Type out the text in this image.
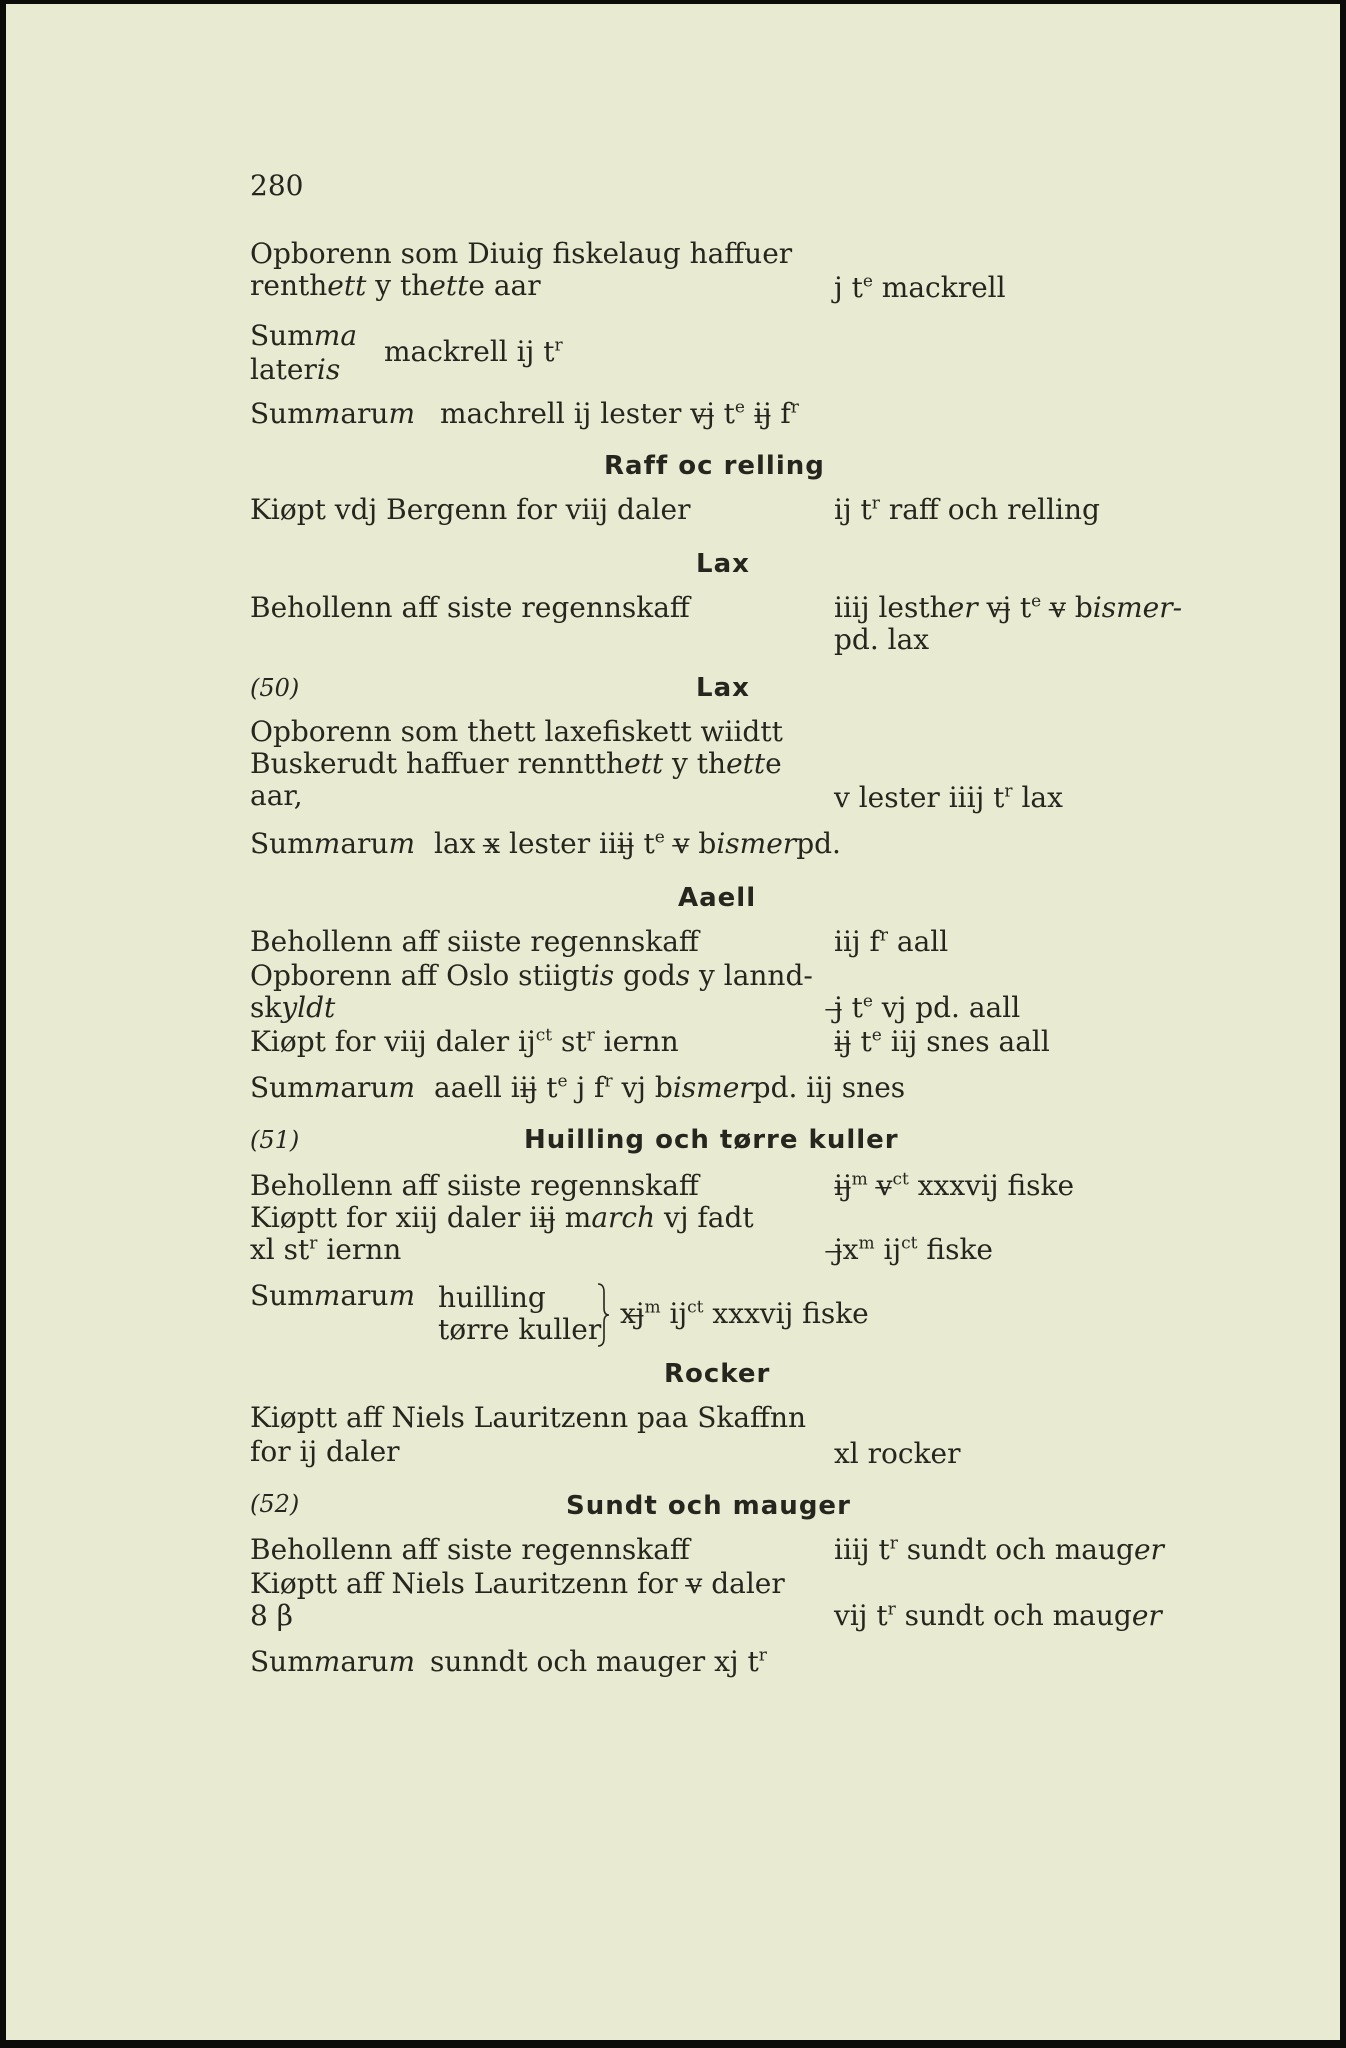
280
Opborenn som Diuig fiskelaug haffuer
renthett y thette aar	j $t^e$ mackrell
Summa
lateris
mackrell ij $t^r$
Summarum machrell ij lester vj̶ $t^e$ ij̶ $f^r$
Raff oc relling
Kiøpt vdj Bergenn for viij daler	ij $t^r$ raff och relling
Lax
Behollenn aff siste regennskaff	iiij lesther vj̶ $t^e$ v̶ bismer-
pd. lax
(50)	Lax
Opborenn som thett laxefiskett wiidtt
Buskerudt haffuer renntthett y thette
aar,	v lester iiij $t^r$ lax
Summarum lax x̶ lester iiij̶ $t^e$ v̶ bismerpd.
Aaell
Behollenn aff siiste regennskaff	iij $f^r$ aall
Opborenn aff Oslo stiigtis gods y lannd-
skyldt	j̶ $t^e$ vj pd. aall
Kiøpt for viij daler $ij^{ct}$ $st^r$ iernn	ij̶ $t^e$ iij snes aall
Summarum aaell iij̶ $t^e$ j $f^r$ vj bismerpd. iij snes
(51)	Huilling och tørre kuller
Behollenn aff siiste regennskaff	ij̶$^m$ v̶$^{ct}$ xxxvij fiske
Kiøptt for xiij daler iij̶ march vj fadt
xl $st^r$ iernn	$j̶x^m$ $ij^{ct}$ fiske
Summarum huilling
tørre kuller xj̶$^m$ $ij^{ct}$ xxxvij fiske
Rocker
Kiøptt aff Niels Lauritzenn paa Skaffnn
for ij daler	xl rocker
(52)	Sundt och mauger
Behollenn aff siste regennskaff	iiij $t^r$ sundt och mauger
Kiøptt aff Niels Lauritzenn for v̶ daler
8 β	vij $t^r$ sundt och mauger
Summarum sunndt och mauger xj $t^r$
